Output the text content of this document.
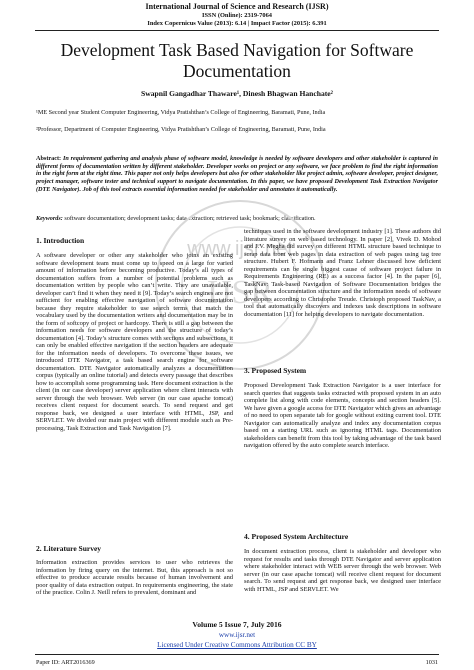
International Journal of Science and Research (IJSR)
ISSN (Online): 2319-7064
Index Copernicus Value (2013): 6.14 | Impact Factor (2015): 6.391
Development Task Based Navigation for Software
Documentation
Swapnil Gangadhar Thaware¹, Dinesh Bhagwan Hanchate²
¹ME Second year Student Computer Engineering, Vidya Pratishthan’s College of Engineering, Baramati, Pune, India
²Professor, Department of Computer Engineering, Vidya Pratishthan’s College of Engineering, Baramati, Pune, India
Abstract: In requirement gathering and analysis phase of software model, knowledge is needed by software developers and other stakeholder is captured in different forms of documentation written by different stakeholder. Developer works on project or any software, we face problem to find the right information in the right form at the right time. This paper not only helps developers but also for other stakeholder like project admin, software developer, project designer, project manager, software tester and technical support to navigate documentation. In this paper, we have proposed Development Task Extraction Navigator (DTE Navigator). Job of this tool extracts essential information needed for stakeholder and annotates it automatically.
Keywords: software documentation; development tasks; data extraction; retrieved task; bookmark; classification.
www.ijsr.net
IJSR
1. Introduction

A software developer or other any stakeholder who joins an existing software development team must come up to speed on a large for varied amount of information before becoming productive. Today’s all types of documentation suffers from a number of potential problems such as documentation written by people who can’t write. They are unavailable, developer can’t find it when they need it [9]. Today’s search engines are not sufficient for enabling effective navigation of software documentation because they require stakeholder to use search terms that match the vocabulary used by the documentation writers and documentation may be in the form of softcopy of project or hardcopy. There is still a gap between the information needs for software developers and the structure of today’s documentation [4]. Today’s structure comes with sections and subsections, it can only be enabled effective navigation if the section headers are adequate for the information needs of developers. To overcome these issues, we introduced DTE Navigator, a task based search engine for software documentation. DTE Navigator automatically analyzes a documentation corpus (typically an online tutorial) and detects every passage that describes how to accomplish some programming task. Here document extraction is the client (in our case developer) server application where client interacts with server through the web browser. Web server (in our case apache tomcat) receives client request for document search. To send request and get response back, we designed a user interface with HTML, JSP, and SERVLET. We divided our main project with different module such as Pre-processing, Task Extraction and Task Navigation [7].

2. Literature Survey

Information extraction provides services to user who retrieves the information by firing query on the internet. But, this approach is not so effective to produce accurate results because of human involvement and poor quality of data extraction output. In requirements engineering, the state of the practice. Colin J. Neill refers to prevalent, dominant and

techniques used in the software development industry [1]. These authors did literature survey on web based technology. In paper [2], Vivek D. Mohod and J.V. Megha did survey on different HTML structure based technique to scrap data from web pages in data extraction of web pages using tag tree structure. Hubert F. Hofmann and Franz Lehner discussed how deficient requirements can be single biggest cause of software project failure in Requirements Engineering (RE) as a success factor [4]. In the paper [6], TaskNav: Task-based Navigation of Software Documentation bridges the gap between documentation structure and the information needs of software developers according to Christophe Treude. Christoph proposed TaskNav, a tool that automatically discovers and indexes task descriptions in software documentation [11] for helping developers to navigate documentation.

3. Proposed System

Proposed Development Task Extraction Navigator is a user interface for search queries that suggests tasks extracted with proposed system in an auto complete list along with code elements, concepts and section headers [5]. We have given a google access for DTE Navigator which gives an advantage of no need to open separate tab for google without exiting current tool. DTE Navigator can automatically analyze and index any documentation corpus based on a starting URL such as ignoring HTML tags. Documentation stakeholders can benefit from this tool by taking advantage of the task based navigation offered by the auto complete search interface.

4. Proposed System Architecture

In document extraction process, client is stakeholder and developer who request for results and tasks through DTE Navigator and server application where stakeholder interact with WEB server through the web browser. Web server (in our case apache tomcat) will receive client request for document search. To send request and get response back, we designed user interface with HTML, JSP and SERVLET. We

Volume 5 Issue 7, July 2016
www.ijsr.net
Licensed Under Creative Commons Attribution CC BY
Paper ID: ART2016369	1031
